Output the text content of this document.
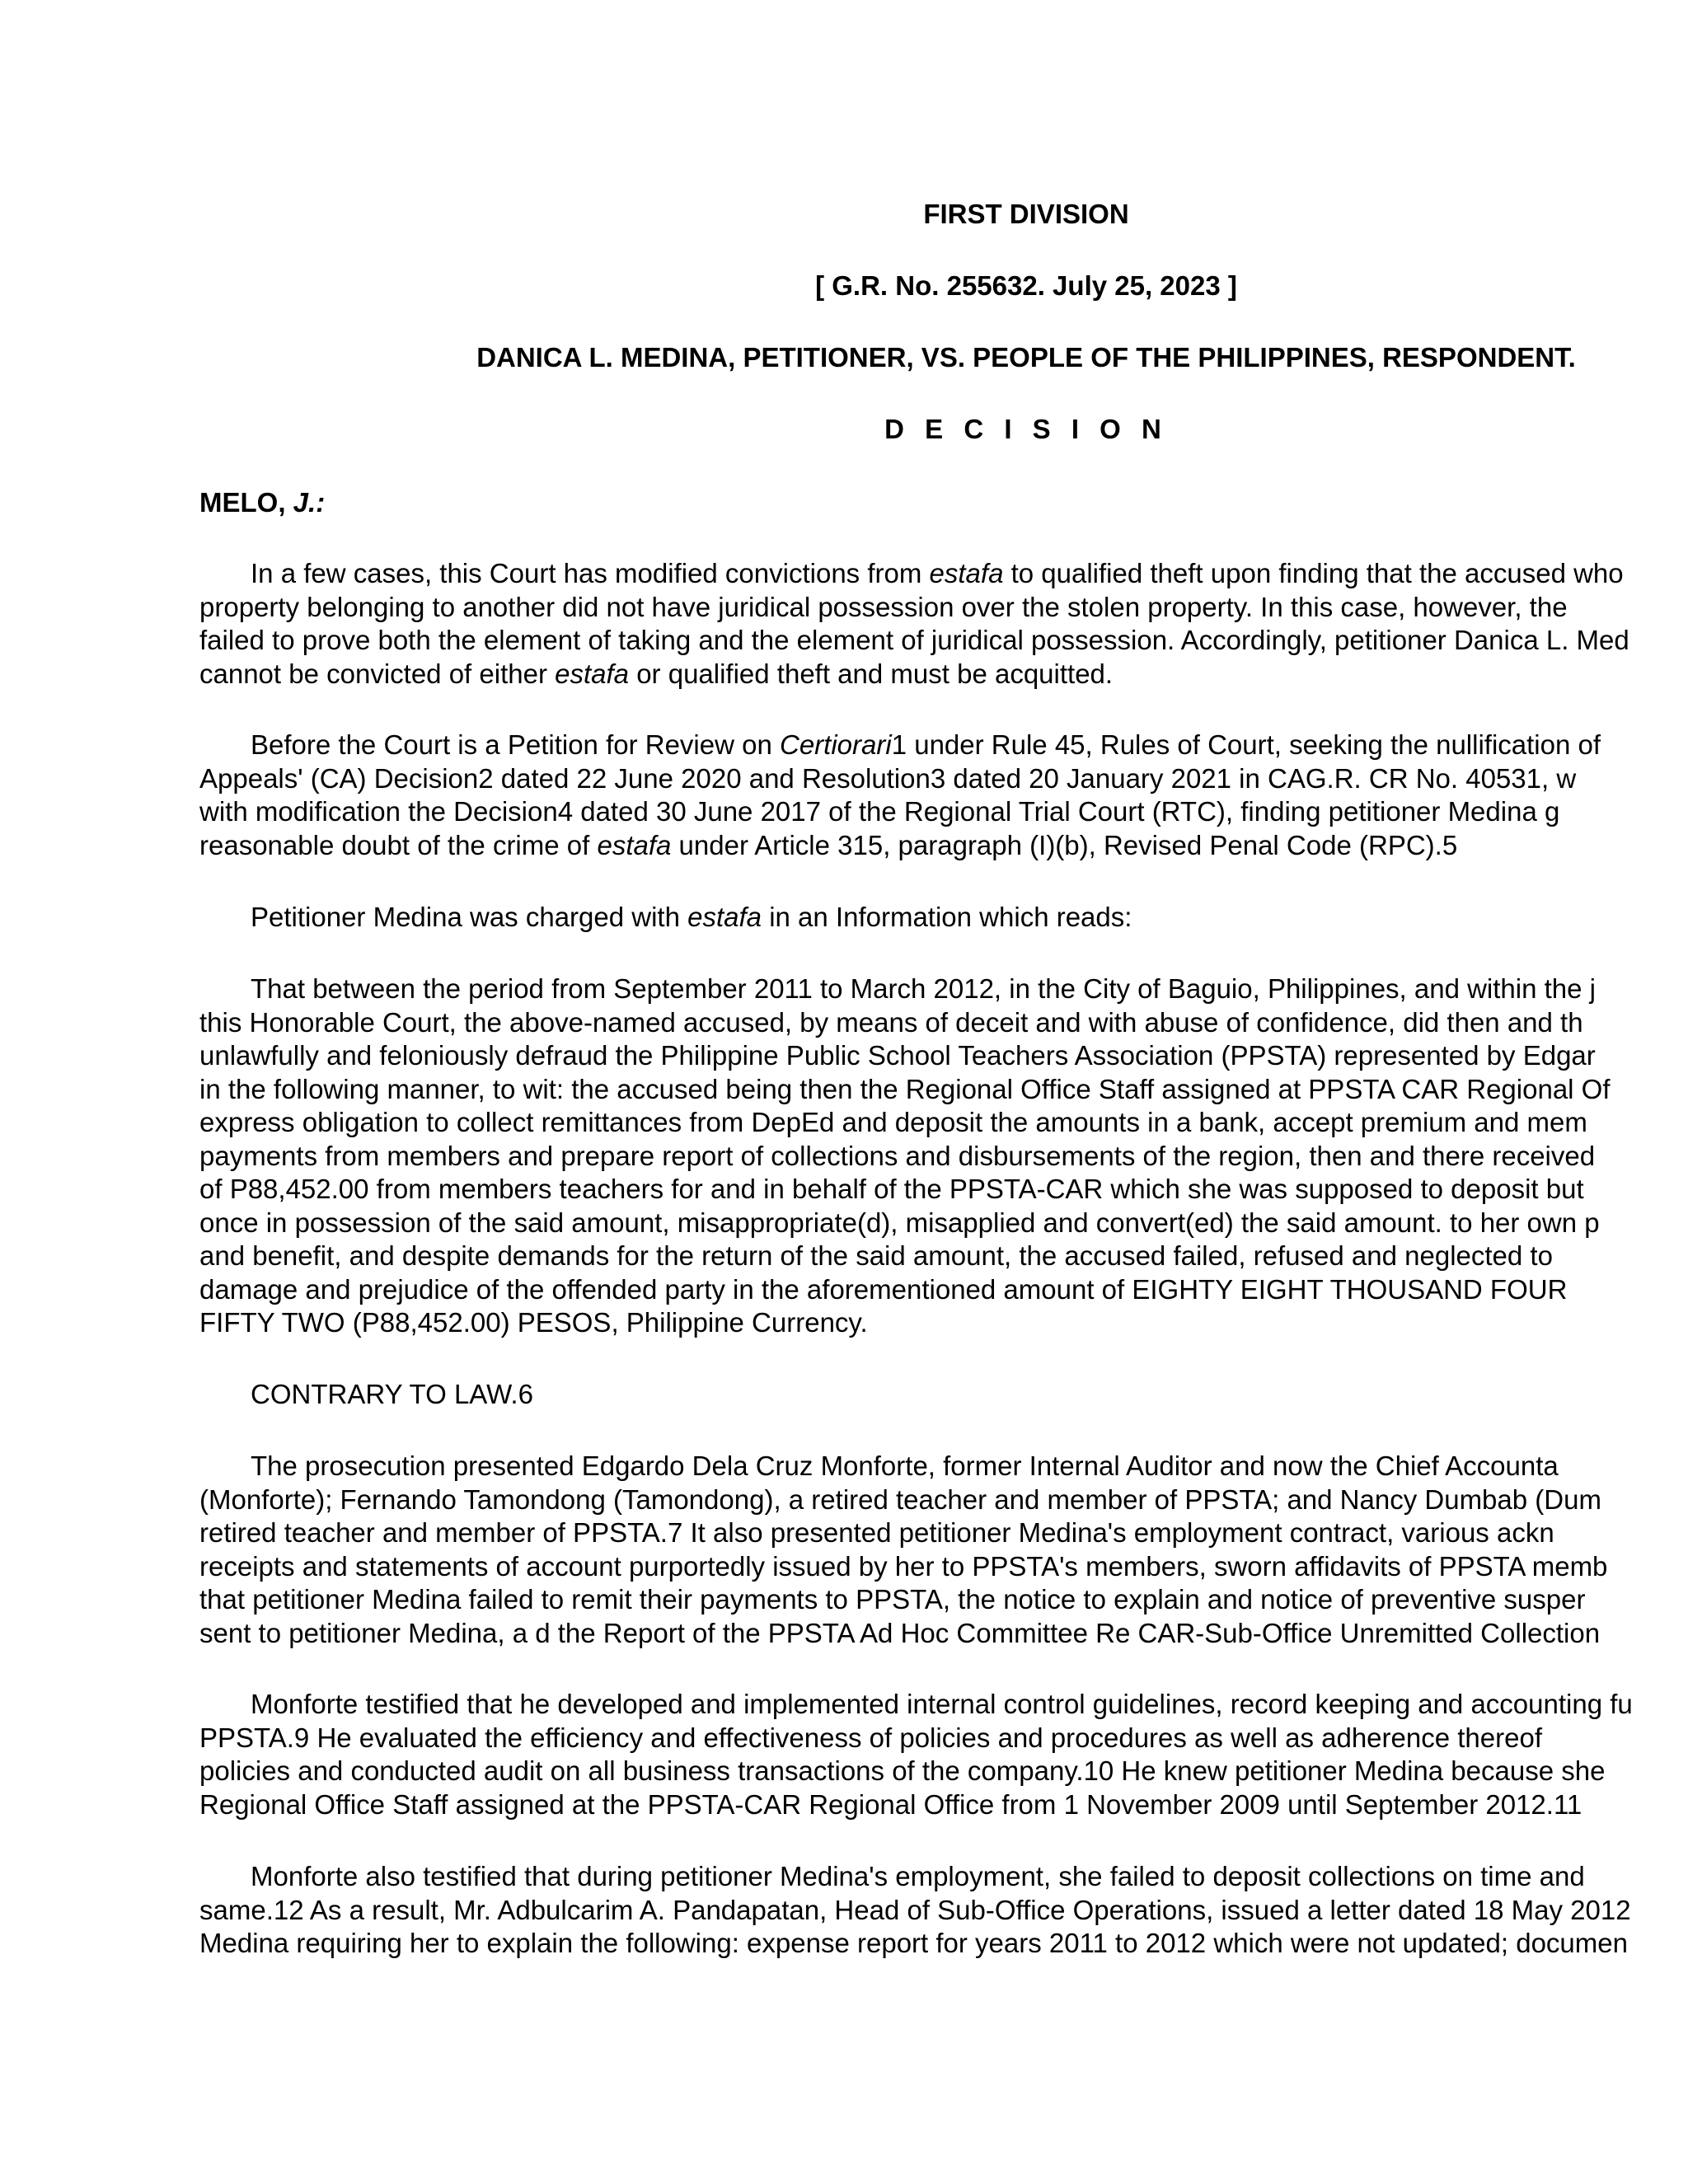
FIRST DIVISION
[ G.R. No. 255632. July 25, 2023 ]
DANICA L. MEDINA, PETITIONER, VS. PEOPLE OF THE PHILIPPINES, RESPONDENT.
D E C I S I O N
MELO, J.:

In a few cases, this Court has modified convictions from estafa to qualified theft upon finding that the accused who
property belonging to another did not have juridical possession over the stolen property. In this case, however, the
failed to prove both the element of taking and the element of juridical possession. Accordingly, petitioner Danica L. Med
cannot be convicted of either estafa or qualified theft and must be acquitted.

Before the Court is a Petition for Review on Certiorari1 under Rule 45, Rules of Court, seeking the nullification of
Appeals' (CA) Decision2 dated 22 June 2020 and Resolution3 dated 20 January 2021 in CAG.R. CR No. 40531, w
with modification the Decision4 dated 30 June 2017 of the Regional Trial Court (RTC), finding petitioner Medina g
reasonable doubt of the crime of estafa under Article 315, paragraph (I)(b), Revised Penal Code (RPC).5

Petitioner Medina was charged with estafa in an Information which reads:

That between the period from September 2011 to March 2012, in the City of Baguio, Philippines, and within the j
this Honorable Court, the above-named accused, by means of deceit and with abuse of confidence, did then and th
unlawfully and feloniously defraud the Philippine Public School Teachers Association (PPSTA) represented by Edgar
in the following manner, to wit: the accused being then the Regional Office Staff assigned at PPSTA CAR Regional Of
express obligation to collect remittances from DepEd and deposit the amounts in a bank, accept premium and mem
payments from members and prepare report of collections and disbursements of the region, then and there received
of P88,452.00 from members teachers for and in behalf of the PPSTA-CAR which she was supposed to deposit but
once in possession of the said amount, misappropriate(d), misapplied and convert(ed) the said amount. to her own p
and benefit, and despite demands for the return of the said amount, the accused failed, refused and neglected to
damage and prejudice of the offended party in the aforementioned amount of EIGHTY EIGHT THOUSAND FOUR
FIFTY TWO (P88,452.00) PESOS, Philippine Currency.

CONTRARY TO LAW.6

The prosecution presented Edgardo Dela Cruz Monforte, former Internal Auditor and now the Chief Accounta
(Monforte); Fernando Tamondong (Tamondong), a retired teacher and member of PPSTA; and Nancy Dumbab (Dum
retired teacher and member of PPSTA.7 It also presented petitioner Medina's employment contract, various ackn
receipts and statements of account purportedly issued by her to PPSTA's members, sworn affidavits of PPSTA memb
that petitioner Medina failed to remit their payments to PPSTA, the notice to explain and notice of preventive susper
sent to petitioner Medina, a d the Report of the PPSTA Ad Hoc Committee Re CAR-Sub-Office Unremitted Collection

Monforte testified that he developed and implemented internal control guidelines, record keeping and accounting fu
PPSTA.9 He evaluated the efficiency and effectiveness of policies and procedures as well as adherence thereof
policies and conducted audit on all business transactions of the company.10 He knew petitioner Medina because she
Regional Office Staff assigned at the PPSTA-CAR Regional Office from 1 November 2009 until September 2012.11

Monforte also testified that during petitioner Medina's employment, she failed to deposit collections on time and
same.12 As a result, Mr. Adbulcarim A. Pandapatan, Head of Sub-Office Operations, issued a letter dated 18 May 2012
Medina requiring her to explain the following: expense report for years 2011 to 2012 which were not updated; documen
